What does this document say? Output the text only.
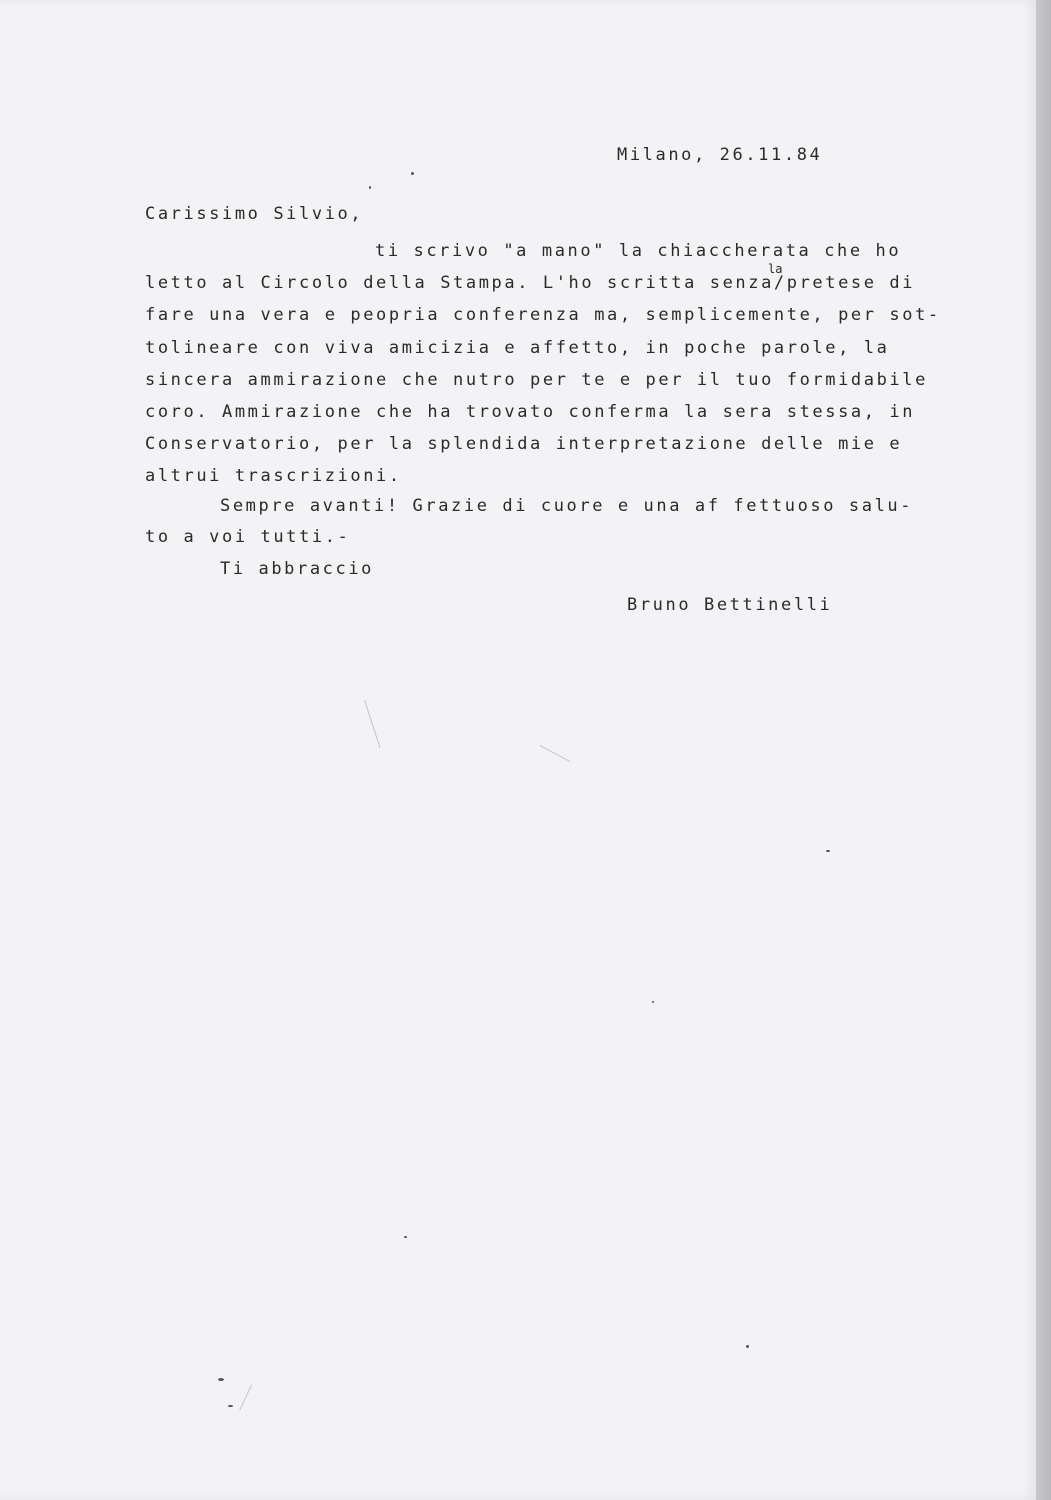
Milano, 26.11.84
Carissimo Silvio,
ti scrivo "a mano" la chiaccherata che ho
la
letto al Circolo della Stampa. L'ho scritta senza/pretese di
fare una vera e peopria conferenza ma, semplicemente, per sot-
tolineare con viva amicizia e affetto, in poche parole, la
sincera ammirazione che nutro per te e per il tuo formidabile
coro. Ammirazione che ha trovato conferma la sera stessa, in
Conservatorio, per la splendida interpretazione delle mie e
altrui trascrizioni.
Sempre avanti! Grazie di cuore e una af fettuoso salu-
to a voi tutti.-
Ti abbraccio
Bruno Bettinelli
